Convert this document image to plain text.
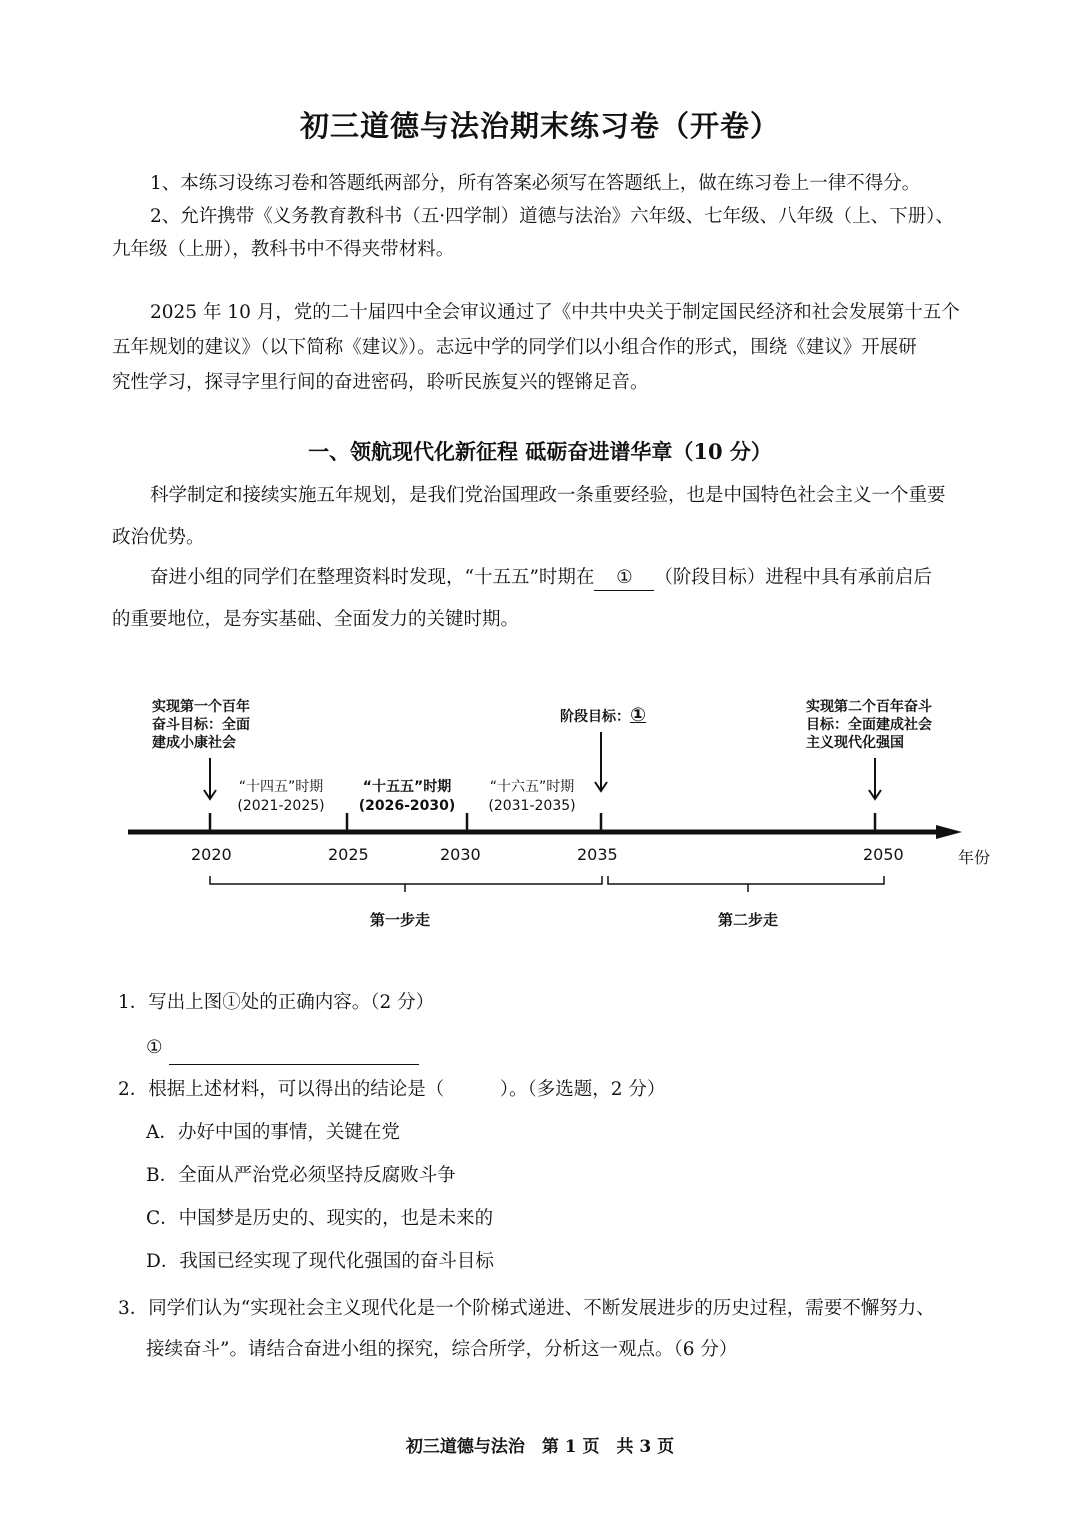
初三道德与法治期末练习卷（开卷）
1、本练习设练习卷和答题纸两部分，所有答案必须写在答题纸上，做在练习卷上一律不得分。
2、允许携带《义务教育教科书（五·四学制）道德与法治》六年级、七年级、八年级（上、下册）、
九年级（上册），教科书中不得夹带材料。
2025 年 10 月，党的二十届四中全会审议通过了《中共中央关于制定国民经济和社会发展第十五个
五年规划的建议》（以下简称《建议》）。志远中学的同学们以小组合作的形式，围绕《建议》开展研
究性学习，探寻字里行间的奋进密码，聆听民族复兴的铿锵足音。
一、领航现代化新征程 砥砺奋进谱华章（10 分）
科学制定和接续实施五年规划，是我们党治国理政一条重要经验，也是中国特色社会主义一个重要
政治优势。
奋进小组的同学们在整理资料时发现，“十五五”时期在 ① （阶段目标）进程中具有承前启后
的重要地位，是夯实基础、全面发力的关键时期。
实现第一个百年
奋斗目标：全面
建成小康社会
阶段目标：①	实现第二个百年奋斗
目标：全面建成社会
主义现代化强国
“十四五”时期
(2021-2025)
“十五五”时期
(2026-2030)
“十六五”时期
(2031-2035)
2020	2025	2030	2035	2050	年份
第一步走	第二步走
1．写出上图①处的正确内容。（2 分）
①
2．根据上述材料，可以得出的结论是（　　　）。（多选题，2 分）
A．办好中国的事情，关键在党
B．全面从严治党必须坚持反腐败斗争
C．中国梦是历史的、现实的，也是未来的
D．我国已经实现了现代化强国的奋斗目标
3．同学们认为“实现社会主义现代化是一个阶梯式递进、不断发展进步的历史过程，需要不懈努力、
接续奋斗”。请结合奋进小组的探究，综合所学，分析这一观点。（6 分）
初三道德与法治　第 1 页　共 3 页
